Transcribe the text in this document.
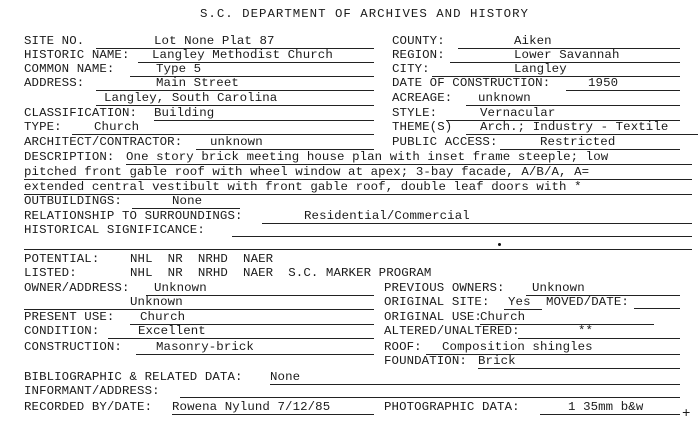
S.C. DEPARTMENT OF ARCHIVES AND HISTORY
SITE NO.	Lot None Plat 87	COUNTY:	Aiken
HISTORIC NAME:	Langley Methodist Church	REGION:	Lower Savannah
COMMON NAME:	Type 5	CITY:	Langley
ADDRESS:	Main Street	DATE OF CONSTRUCTION:	1950
Langley, South Carolina	ACREAGE:	unknown
CLASSIFICATION: Building	STYLE:	Vernacular
TYPE:	Church	THEME(S)	Arch.; Industry - Textile
ARCHITECT/CONTRACTOR:	unknown	PUBLIC ACCESS:	Restricted
DESCRIPTION: One story brick meeting house plan with inset frame steeple; low
pitched front gable roof with wheel window at apex; 3-bay facade, A/B/A, A=
extended central vestibult with front gable roof, double leaf doors with *
OUTBUILDINGS:	None
RELATIONSHIP TO SURROUNDINGS:	Residential/Commercial
HISTORICAL SIGNIFICANCE:
POTENTIAL: NHL  NR  NRHD  NAER
LISTED:	NHL  NR  NRHD  NAER  S.C. MARKER PROGRAM
OWNER/ADDRESS:	Unknown	PREVIOUS OWNERS:	Unknown
Unknown	ORIGINAL SITE:	Yes	MOVED/DATE:
PRESENT USE:	Church	ORIGINAL USE:
Church
CONDITION:	Excellent	ALTERED/UNALTERED:	**
CONSTRUCTION:	Masonry-brick	ROOF:	Composition shingles
FOUNDATION: Brick
BIBLIOGRAPHIC & RELATED DATA: None
INFORMANT/ADDRESS:
RECORDED BY/DATE: Rowena Nylund 7/12/85	PHOTOGRAPHIC DATA:	1 35mm b&w	+
